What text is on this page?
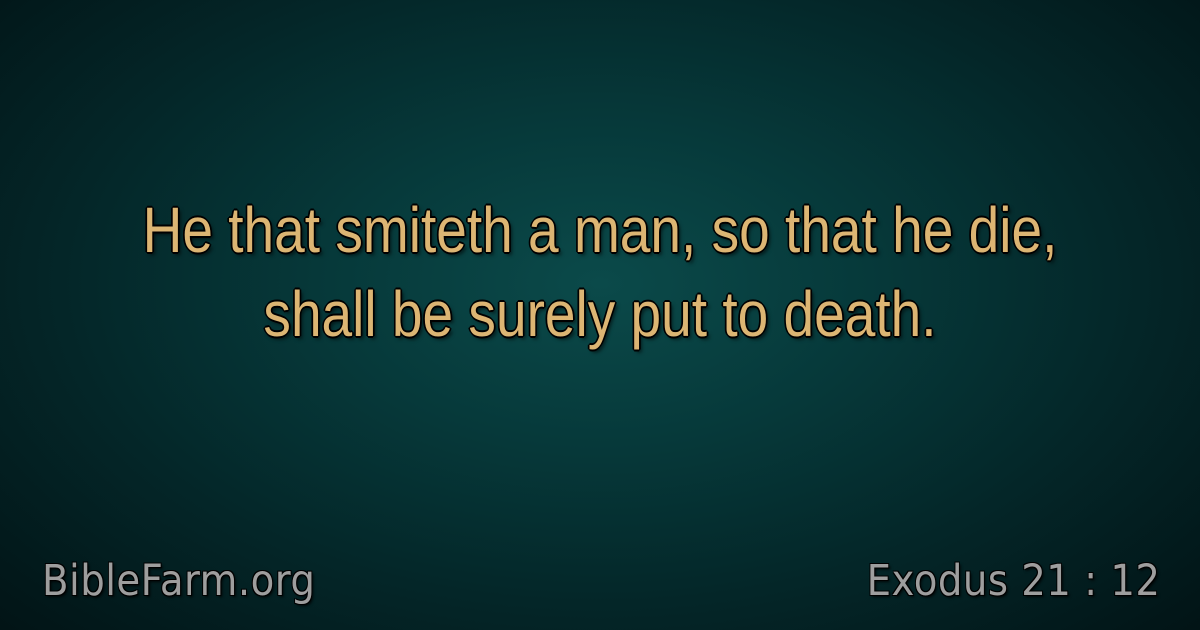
He that smiteth a man, so that he die, shall be surely put to death.

BibleFarm.org	Exodus 21 : 12
